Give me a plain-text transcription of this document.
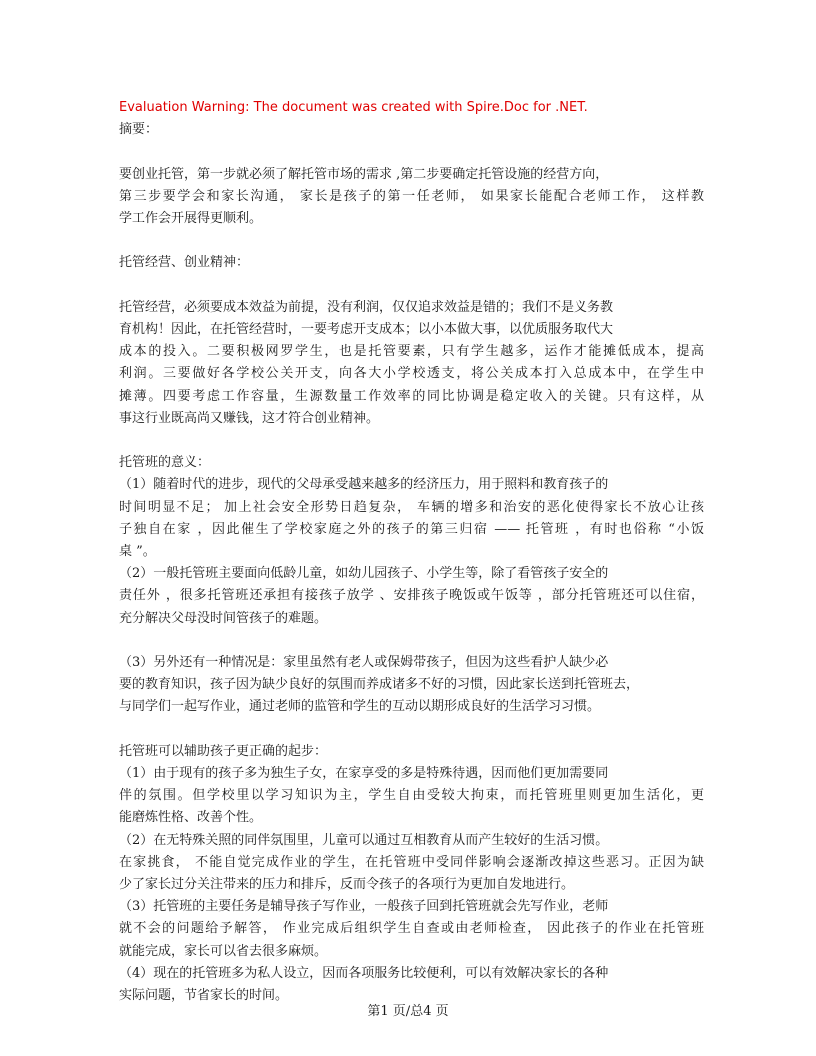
Evaluation Warning: The document was created with Spire.Doc for .NET.
摘要：
要创业托管，第一步就必须了解托管市场的需求 ,第二步要确定托管设施的经营方向，
第三步要学会和家长沟通， 家长是孩子的第一任老师， 如果家长能配合老师工作， 这样教
学工作会开展得更顺利。
托管经营、创业精神：
托管经营，必须要成本效益为前提，没有利润，仅仅追求效益是错的；我们不是义务教
育机构！因此，在托管经营时，一要考虑开支成本；以小本做大事，以优质服务取代大
成本的投入。二要积极网罗学生，也是托管要素，只有学生越多，运作才能摊低成本，提高
利润。三要做好各学校公关开支，向各大小学校透支，将公关成本打入总成本中，在学生中
摊薄。四要考虑工作容量，生源数量工作效率的同比协调是稳定收入的关键。只有这样，从
事这行业既高尚又赚钱，这才符合创业精神。
托管班的意义：
（1）随着时代的进步，现代的父母承受越来越多的经济压力，用于照料和教育孩子的
时间明显不足； 加上社会安全形势日趋复杂， 车辆的增多和治安的恶化使得家长不放心让孩
子独自在家 ，因此催生了学校家庭之外的孩子的第三归宿 —— 托管班 ，有时也俗称 “小饭
桌 ”。
（2）一般托管班主要面向低龄儿童，如幼儿园孩子、小学生等，除了看管孩子安全的
责任外 ，很多托管班还承担有接孩子放学 、安排孩子晚饭或午饭等 ，部分托管班还可以住宿，
充分解决父母没时间管孩子的难题。
（3）另外还有一种情况是：家里虽然有老人或保姆带孩子，但因为这些看护人缺少必
要的教育知识，孩子因为缺少良好的氛围而养成诸多不好的习惯，因此家长送到托管班去，
与同学们一起写作业，通过老师的监管和学生的互动以期形成良好的生活学习习惯。
托管班可以辅助孩子更正确的起步：
（1）由于现有的孩子多为独生子女，在家享受的多是特殊待遇，因而他们更加需要同
伴的氛围。但学校里以学习知识为主，学生自由受较大拘束，而托管班里则更加生活化，更
能磨炼性格、改善个性。
（2）在无特殊关照的同伴氛围里，儿童可以通过互相教育从而产生较好的生活习惯。
在家挑食， 不能自觉完成作业的学生，在托管班中受同伴影响会逐渐改掉这些恶习。正因为缺
少了家长过分关注带来的压力和排斥，反而令孩子的各项行为更加自发地进行。
（3）托管班的主要任务是辅导孩子写作业，一般孩子回到托管班就会先写作业，老师
就不会的问题给予解答， 作业完成后组织学生自查或由老师检查， 因此孩子的作业在托管班
就能完成，家长可以省去很多麻烦。
（4）现在的托管班多为私人设立，因而各项服务比较便利，可以有效解决家长的各种
实际问题，节省家长的时间。
第1 页/总4 页
